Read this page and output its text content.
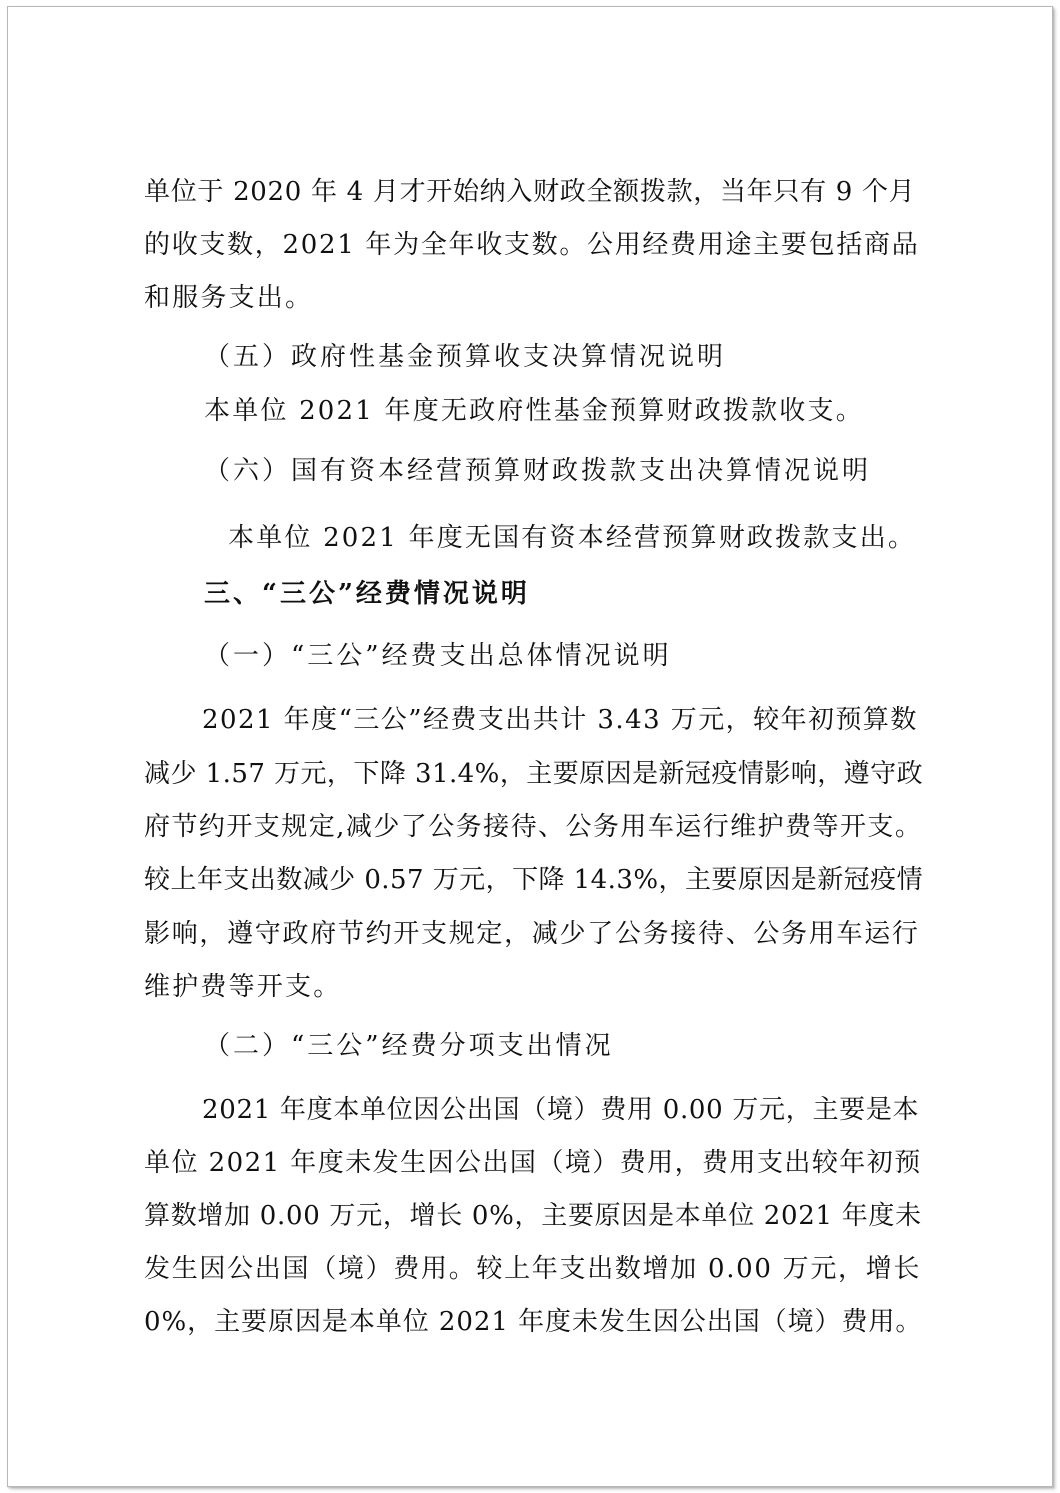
单位于 2020 年 4 月才开始纳入财政全额拨款，当年只有 9 个月
的收支数，2021 年为全年收支数。公用经费用途主要包括商品
和服务支出。
（五）政府性基金预算收支决算情况说明
本单位 2021 年度无政府性基金预算财政拨款收支。
（六）国有资本经营预算财政拨款支出决算情况说明
本单位 2021 年度无国有资本经营预算财政拨款支出。
三、“三公”经费情况说明
（一）“三公”经费支出总体情况说明
2021 年度“三公”经费支出共计 3.43 万元，较年初预算数
减少 1.57 万元，下降 31.4%，主要原因是新冠疫情影响，遵守政
府节约开支规定,减少了公务接待、公务用车运行维护费等开支。
较上年支出数减少 0.57 万元，下降 14.3%，主要原因是新冠疫情
影响，遵守政府节约开支规定，减少了公务接待、公务用车运行
维护费等开支。
（二）“三公”经费分项支出情况
2021 年度本单位因公出国（境）费用 0.00 万元，主要是本
单位 2021 年度未发生因公出国（境）费用，费用支出较年初预
算数增加 0.00 万元，增长 0%，主要原因是本单位 2021 年度未
发生因公出国（境）费用。较上年支出数增加 0.00 万元，增长
0%，主要原因是本单位 2021 年度未发生因公出国（境）费用。
